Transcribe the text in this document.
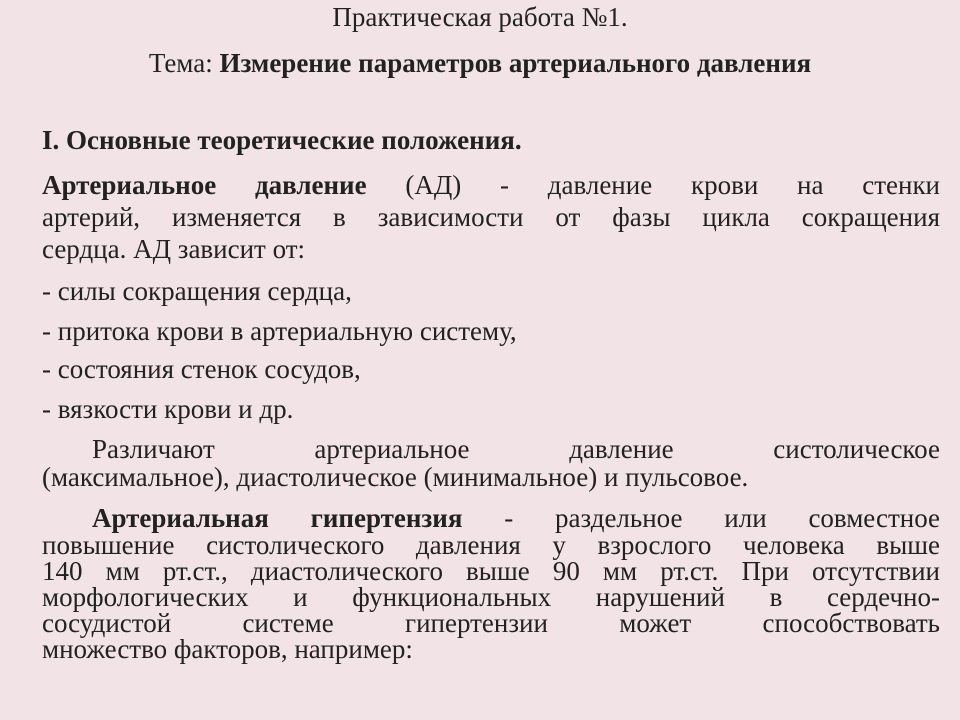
Практическая работа №1.
Тема: Измерение параметров артериального давления
I. Основные теоретические положения.
Артериальное давление (АД) - давление крови на стенки
артерий, изменяется в зависимости от фазы цикла сокращения
сердца. АД зависит от:
- силы сокращения сердца,
- притока крови в артериальную систему,
- состояния стенок сосудов,
- вязкости крови и др.
Различают артериальное давление систолическое
(максимальное), диастолическое (минимальное) и пульсовое.
Артериальная гипертензия - раздельное или совместное
повышение систолического давления у взрослого человека выше
140 мм рт.ст., диастолического выше 90 мм рт.ст. При отсутствии
морфологических и функциональных нарушений в сердечно-
сосудистой системе гипертензии может способствовать
множество факторов, например:
